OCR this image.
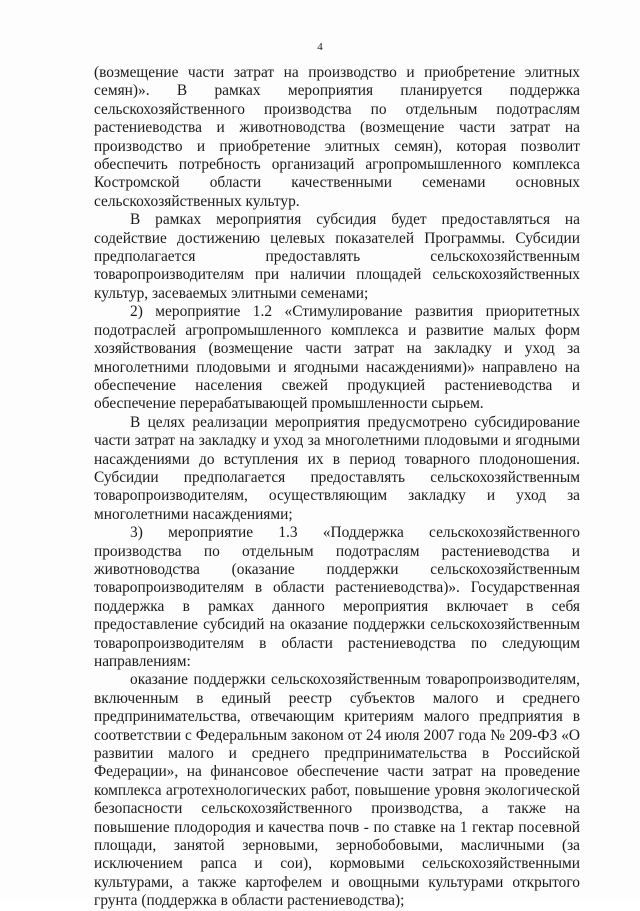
4

(возмещение части затрат на производство и приобретение элитных семян)». В рамках мероприятия планируется поддержка сельскохозяйственного производства по отдельным подотраслям растениеводства и животноводства (возмещение части затрат на производство и приобретение элитных семян), которая позволит обеспечить потребность организаций агропромышленного комплекса Костромской области качественными семенами основных сельскохозяйственных культур.

В рамках мероприятия субсидия будет предоставляться на содействие достижению целевых показателей Программы. Субсидии предполагается предоставлять сельскохозяйственным товаропроизводителям при наличии площадей сельскохозяйственных культур, засеваемых элитными семенами;

2) мероприятие 1.2 «Стимулирование развития приоритетных подотраслей агропромышленного комплекса и развитие малых форм хозяйствования (возмещение части затрат на закладку и уход за многолетними плодовыми и ягодными насаждениями)» направлено на обеспечение населения свежей продукцией растениеводства и обеспечение перерабатывающей промышленности сырьем.

В целях реализации мероприятия предусмотрено субсидирование части затрат на закладку и уход за многолетними плодовыми и ягодными насаждениями до вступления их в период товарного плодоношения. Субсидии предполагается предоставлять сельскохозяйственным товаропроизводителям, осуществляющим закладку и уход за многолетними насаждениями;

3) мероприятие 1.3 «Поддержка сельскохозяйственного производства по отдельным подотраслям растениеводства и животноводства (оказание поддержки сельскохозяйственным товаропроизводителям в области растениеводства)». Государственная поддержка в рамках данного мероприятия включает в себя предоставление субсидий на оказание поддержки сельскохозяйственным товаропроизводителям в области растениеводства по следующим направлениям:

оказание поддержки сельскохозяйственным товаропроизводителям, включенным в единый реестр субъектов малого и среднего предпринимательства, отвечающим критериям малого предприятия в соответствии с Федеральным законом от 24 июля 2007 года № 209-ФЗ «О развитии малого и среднего предпринимательства в Российской Федерации», на финансовое обеспечение части затрат на проведение комплекса агротехнологических работ, повышение уровня экологической безопасности сельскохозяйственного производства, а также на повышение плодородия и качества почв - по ставке на 1 гектар посевной площади, занятой зерновыми, зернобобовыми, масличными (за исключением рапса и сои), кормовыми сельскохозяйственными культурами, а также картофелем и овощными культурами открытого грунта (поддержка в области растениеводства);
